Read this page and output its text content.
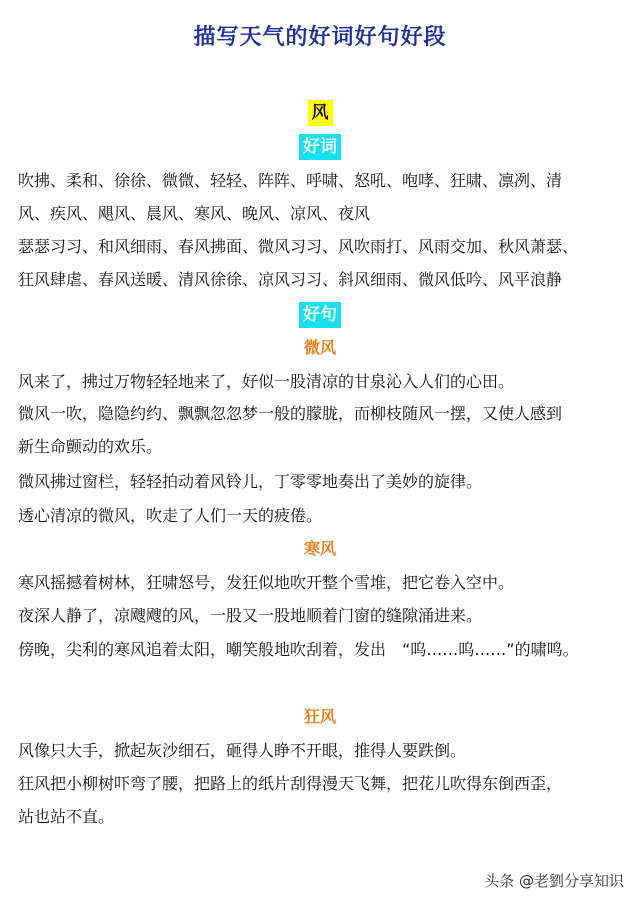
描写天气的好词好句好段
风
好词
吹拂、柔和、徐徐、微微、轻轻、阵阵、呼啸、怒吼、咆哮、狂啸、凛冽、清
风、疾风、飓风、晨风、寒风、晚风、凉风、夜风
瑟瑟习习、和风细雨、春风拂面、微风习习、风吹雨打、风雨交加、秋风萧瑟、
狂风肆虐、春风送暖、清风徐徐、凉风习习、斜风细雨、微风低吟、风平浪静
好句
微风
风来了，拂过万物轻轻地来了，好似一股清凉的甘泉沁入人们的心田。
微风一吹，隐隐约约、飘飘忽忽梦一般的朦胧，而柳枝随风一摆，又使人感到
新生命颤动的欢乐。
微风拂过窗栏，轻轻拍动着风铃儿，丁零零地奏出了美妙的旋律。
透心清凉的微风，吹走了人们一天的疲倦。
寒风
寒风摇撼着树林，狂啸怒号，发狂似地吹开整个雪堆，把它卷入空中。
夜深人静了，凉飕飕的风，一股又一股地顺着门窗的缝隙涌进来。
傍晚，尖利的寒风追着太阳，嘲笑般地吹刮着，发出　“呜……呜……”的啸鸣。
狂风
风像只大手，掀起灰沙细石，砸得人睁不开眼，推得人要跌倒。
狂风把小柳树吓弯了腰，把路上的纸片刮得漫天飞舞，把花儿吹得东倒西歪，
站也站不直。
头条 @老劉分享知识
